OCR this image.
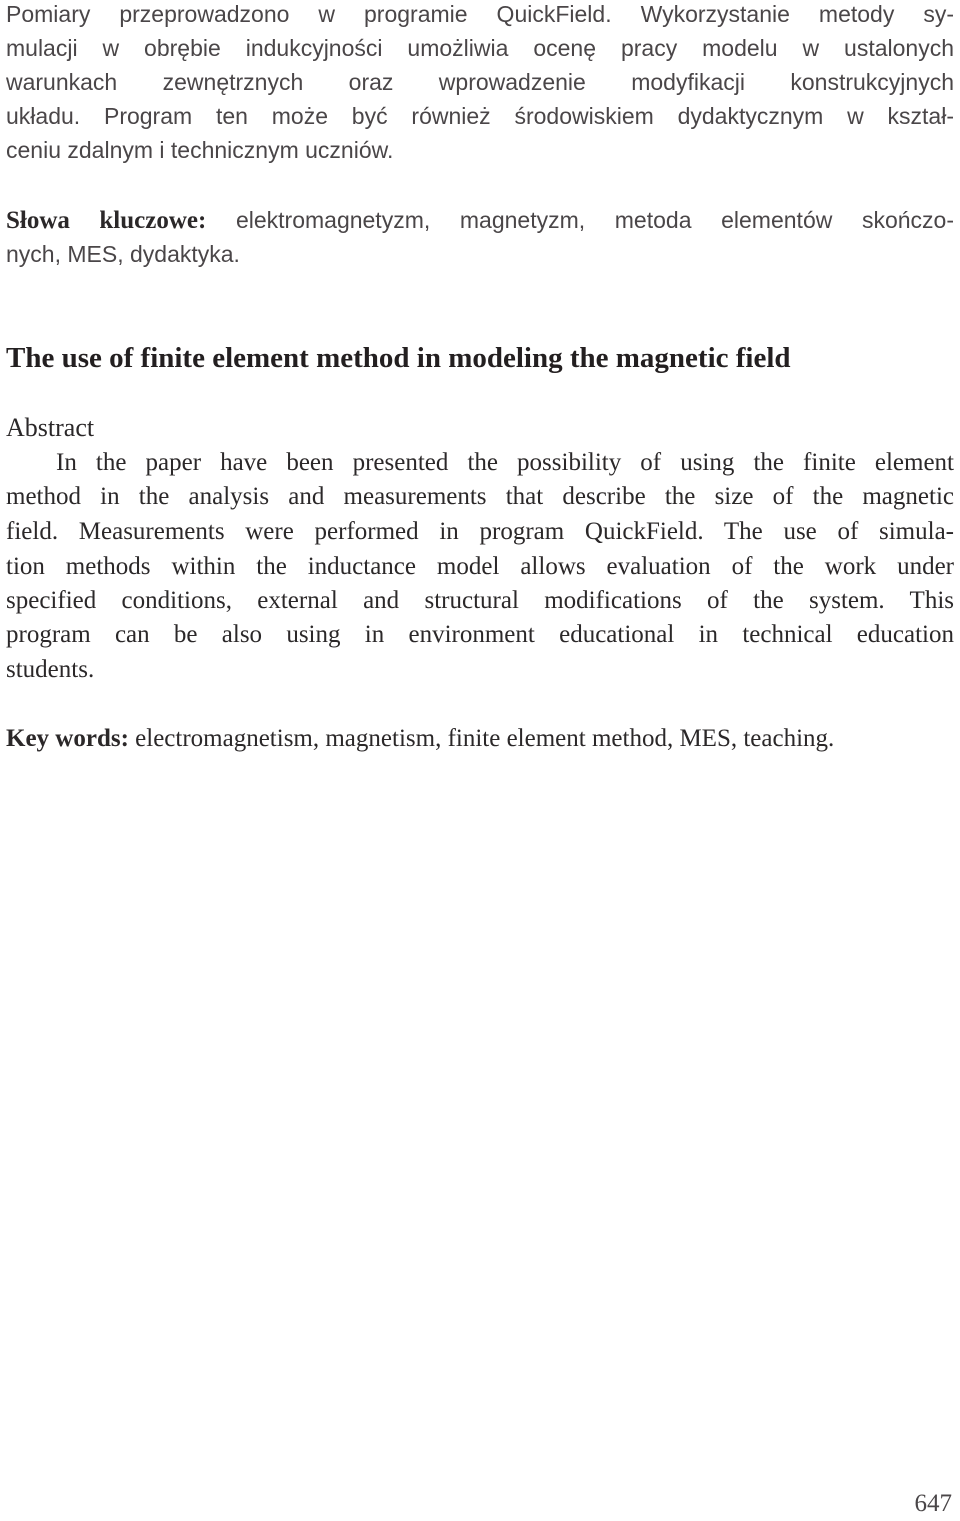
Pomiary przeprowadzono w programie QuickField. Wykorzystanie metody sy-
mulacji w obrębie indukcyjności umożliwia ocenę pracy modelu w ustalonych
warunkach zewnętrznych oraz wprowadzenie modyfikacji konstrukcyjnych
układu. Program ten może być również środowiskiem dydaktycznym w kształ-
ceniu zdalnym i technicznym uczniów.
Słowa kluczowe: elektromagnetyzm, magnetyzm, metoda elementów skończo-
nych, MES, dydaktyka.
The use of finite element method in modeling the magnetic field
Abstract
In the paper have been presented the possibility of using the finite element
method in the analysis and measurements that describe the size of the magnetic
field. Measurements were performed in program QuickField. The use of simula-
tion methods within the inductance model allows evaluation of the work under
specified conditions, external and structural modifications of the system. This
program can be also using in environment educational in technical education
students.
Key words: electromagnetism, magnetism, finite element method, MES, teaching.
647
